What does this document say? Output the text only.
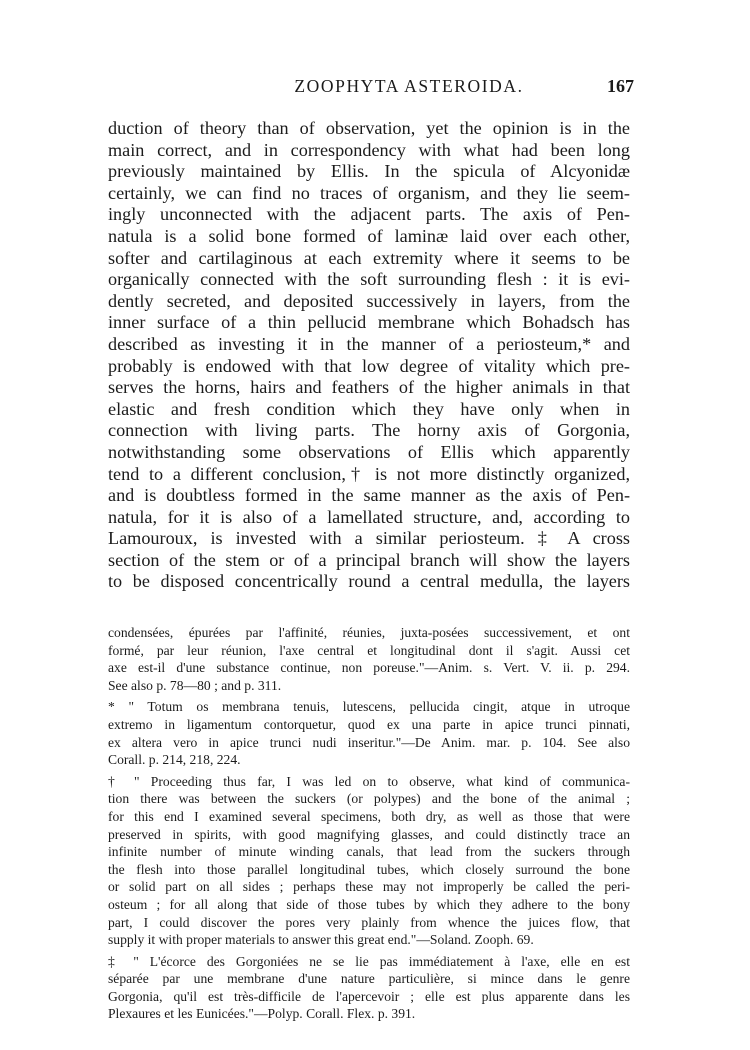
ZOOPHYTA ASTEROIDA.	167
duction of theory than of observation, yet the opinion is in the
main correct, and in correspondency with what had been long
previously maintained by Ellis. In the spicula of Alcyonidæ
certainly, we can find no traces of organism, and they lie seem-
ingly unconnected with the adjacent parts. The axis of Pen-
natula is a solid bone formed of laminæ laid over each other,
softer and cartilaginous at each extremity where it seems to be
organically connected with the soft surrounding flesh : it is evi-
dently secreted, and deposited successively in layers, from the
inner surface of a thin pellucid membrane which Bohadsch has
described as investing it in the manner of a periosteum,* and
probably is endowed with that low degree of vitality which pre-
serves the horns, hairs and feathers of the higher animals in that
elastic and fresh condition which they have only when in
connection with living parts. The horny axis of Gorgonia,
notwithstanding some observations of Ellis which apparently
tend to a different conclusion,† is not more distinctly organized,
and is doubtless formed in the same manner as the axis of Pen-
natula, for it is also of a lamellated structure, and, according to
Lamouroux, is invested with a similar periosteum. ‡ A cross
section of the stem or of a principal branch will show the layers
to be disposed concentrically round a central medulla, the layers
condensées, épurées par l'affinité, réunies, juxta-posées successivement, et ont
formé, par leur réunion, l'axe central et longitudinal dont il s'agit. Aussi cet
axe est-il d'une substance continue, non poreuse."—Anim. s. Vert. V. ii. p. 294.
See also p. 78—80 ; and p. 311.
* " Totum os membrana tenuis, lutescens, pellucida cingit, atque in utroque
extremo in ligamentum contorquetur, quod ex una parte in apice trunci pinnati,
ex altera vero in apice trunci nudi inseritur."—De Anim. mar. p. 104. See also
Corall. p. 214, 218, 224.
† " Proceeding thus far, I was led on to observe, what kind of communica-
tion there was between the suckers (or polypes) and the bone of the animal ;
for this end I examined several specimens, both dry, as well as those that were
preserved in spirits, with good magnifying glasses, and could distinctly trace an
infinite number of minute winding canals, that lead from the suckers through
the flesh into those parallel longitudinal tubes, which closely surround the bone
or solid part on all sides ; perhaps these may not improperly be called the peri-
osteum ; for all along that side of those tubes by which they adhere to the bony
part, I could discover the pores very plainly from whence the juices flow, that
supply it with proper materials to answer this great end."—Soland. Zooph. 69.
‡ " L'écorce des Gorgoniées ne se lie pas immédiatement à l'axe, elle en est
séparée par une membrane d'une nature particulière, si mince dans le genre
Gorgonia, qu'il est très-difficile de l'apercevoir ; elle est plus apparente dans les
Plexaures et les Eunicées."—Polyp. Corall. Flex. p. 391.
